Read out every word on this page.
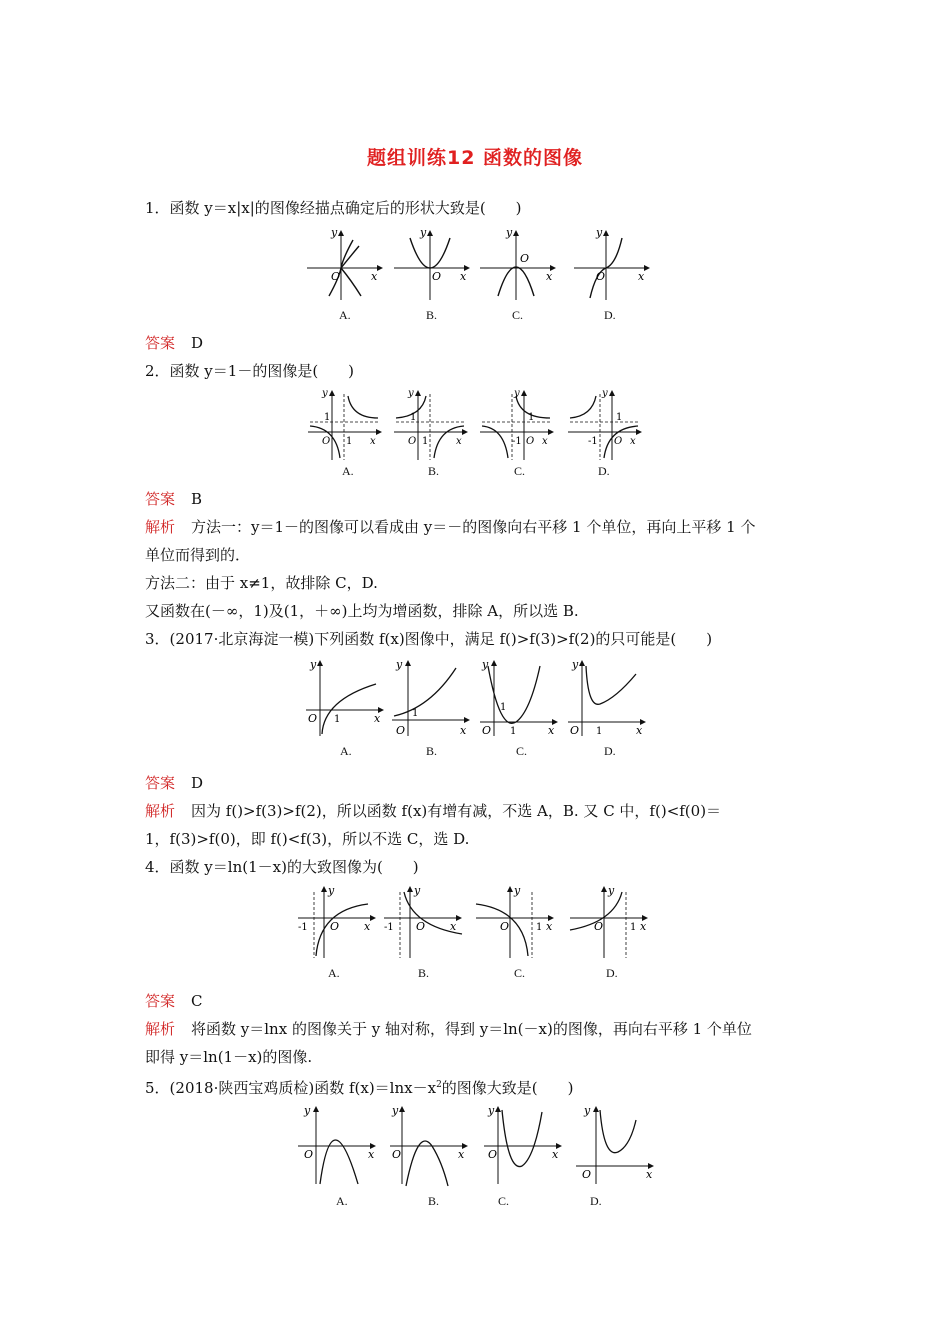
题组训练12 函数的图像
1．函数 y＝x|x|的图像经描点确定后的形状大致是(　　)
O	x
y
A.
O x
y
B.
O
x
y
C.
O	x
y
D.
答案 D
2．函数 y＝1－的图像是(　　)
1
1
O	x
y
A.
1
1
O	x
y
B.
1
-1 O x
y
C.
1
-1 O x
y
D.
答案 B
解析 方法一：y＝1－的图像可以看成由 y＝－的图像向右平移 1 个单位，再向上平移 1 个
单位而得到的．
方法二：由于 x≠1，故排除 C，D.
又函数在(－∞，1)及(1，＋∞)上均为增函数，排除 A，所以选 B.
3．(2017·北京海淀一模)下列函数 f(x)图像中，满足 f()>f(3)>f(2)的只可能是(　　)
O 1	x
y
A.
O
1
x
y
B.
O
1
1	x
y
C.
O 1	x
y
D.
答案 D
解析 因为 f()>f(3)>f(2)，所以函数 f(x)有增有减，不选 A，B. 又 C 中，f()<f(0)＝
1，f(3)>f(0)，即 f()<f(3)，所以不选 C，选 D.
4．函数 y＝ln(1－x)的大致图像为(　　)
-1 O x
y
A.
-1 O x
y
B.
O	1 x
y
C.
O	1 x
y
D.
答案 C
解析 将函数 y＝lnx 的图像关于 y 轴对称，得到 y＝ln(－x)的图像，再向右平移 1 个单位
即得 y＝ln(1－x)的图像.
5．(2018·陕西宝鸡质检)函数 $f(x)=\ln x-x^2$的图像大致是(　　)
O	x
y
A.
O	x
y
B.
O	x
y
C.
O	x
y
D.
